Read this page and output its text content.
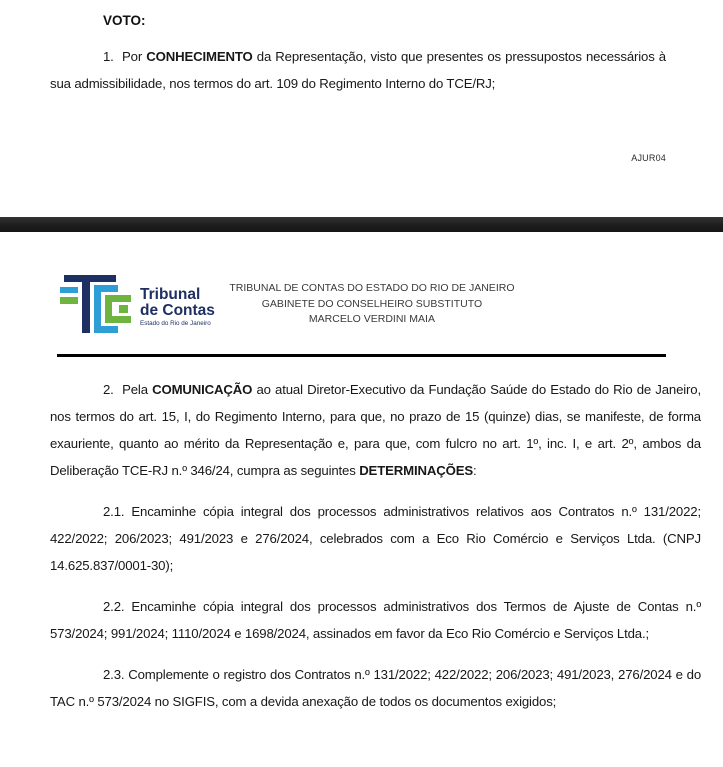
VOTO:

1.  Por CONHECIMENTO da Representação, visto que presentes os pressupostos necessários à sua admissibilidade, nos termos do art. 109 do Regimento Interno do TCE/RJ;

AJUR04
Tribunal
de Contas
Estado do Rio de Janeiro
TRIBUNAL DE CONTAS DO ESTADO DO RIO DE JANEIRO
GABINETE DO CONSELHEIRO SUBSTITUTO
MARCELO VERDINI MAIA

2.  Pela COMUNICAÇÃO ao atual Diretor-Executivo da Fundação Saúde do Estado do Rio de Janeiro, nos termos do art. 15, I, do Regimento Interno, para que, no prazo de 15 (quinze) dias, se manifeste, de forma exauriente, quanto ao mérito da Representação e, para que, com fulcro no art. 1º, inc. I, e art. 2º, ambos da Deliberação TCE-RJ n.º 346/24, cumpra as seguintes DETERMINAÇÕES:

2.1. Encaminhe cópia integral dos processos administrativos relativos aos Contratos n.º 131/2022; 422/2022; 206/2023; 491/2023 e 276/2024, celebrados com a Eco Rio Comércio e Serviços Ltda. (CNPJ 14.625.837/0001-30);

2.2. Encaminhe cópia integral dos processos administrativos dos Termos de Ajuste de Contas n.º 573/2024; 991/2024; 1110/2024 e 1698/2024, assinados em favor da Eco Rio Comércio e Serviços Ltda.;

2.3. Complemente o registro dos Contratos n.º 131/2022; 422/2022; 206/2023; 491/2023, 276/2024 e do TAC n.º 573/2024 no SIGFIS, com a devida anexação de todos os documentos exigidos;
